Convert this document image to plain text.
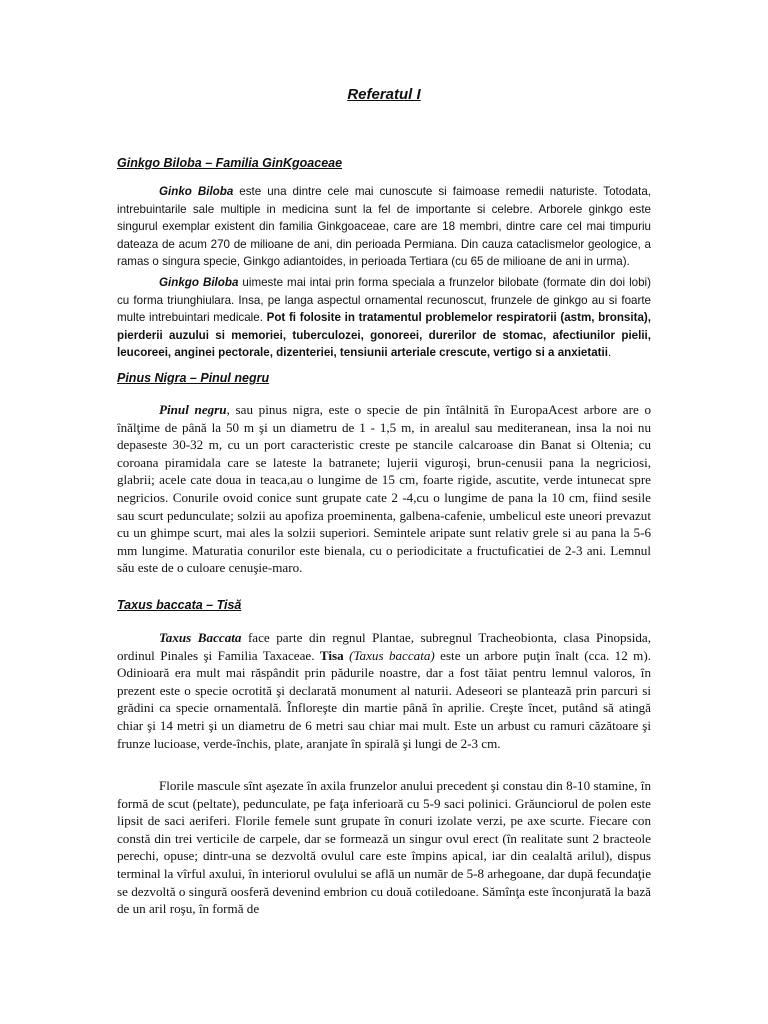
Referatul I
Ginkgo Biloba – Familia GinKgoaceae
Ginko Biloba este una dintre cele mai cunoscute si faimoase remedii naturiste. Totodata, intrebuintarile sale multiple in medicina sunt la fel de importante si celebre. Arborele ginkgo este singurul exemplar existent din familia Ginkgoaceae, care are 18 membri, dintre care cel mai timpuriu dateaza de acum 270 de milioane de ani, din perioada Permiana. Din cauza cataclismelor geologice, a ramas o singura specie, Ginkgo adiantoides, in perioada Tertiara (cu 65 de milioane de ani in urma).
Ginkgo Biloba uimeste mai intai prin forma speciala a frunzelor bilobate (formate din doi lobi) cu forma triunghiulara. Insa, pe langa aspectul ornamental recunoscut, frunzele de ginkgo au si foarte multe intrebuintari medicale. Pot fi folosite in tratamentul problemelor respiratorii (astm, bronsita), pierderii auzului si memoriei, tuberculozei, gonoreei, durerilor de stomac, afectiunilor pielii, leucoreei, anginei pectorale, dizenteriei, tensiunii arteriale crescute, vertigo si a anxietatii.
Pinus Nigra – Pinul negru
Pinul negru, sau pinus nigra, este o specie de pin întâlnită în EuropaAcest arbore are o înălţime de până la 50 m şi un diametru de 1 - 1,5 m, in arealul sau mediteranean, insa la noi nu depaseste 30-32 m, cu un port caracteristic creste pe stancile calcaroase din Banat si Oltenia; cu coroana piramidala care se lateste la batranete; lujerii viguroşi, brun-cenusii pana la negriciosi, glabrii; acele cate doua in teaca,au o lungime de 15 cm, foarte rigide, ascutite, verde intunecat spre negricios. Conurile ovoid conice sunt grupate cate 2 -4,cu o lungime de pana la 10 cm, fiind sesile sau scurt pedunculate; solzii au apofiza proeminenta, galbena-cafenie, umbelicul este uneori prevazut cu un ghimpe scurt, mai ales la solzii superiori. Semintele aripate sunt relativ grele si au pana la 5-6 mm lungime. Maturatia conurilor este bienala, cu o periodicitate a fructuficatiei de 2-3 ani. Lemnul său este de o culoare cenuşie-maro.
Taxus baccata – Tisă
Taxus Baccata face parte din regnul Plantae, subregnul Tracheobionta, clasa Pinopsida, ordinul Pinales şi Familia Taxaceae. Tisa (Taxus baccata) este un arbore puţin înalt (cca. 12 m). Odinioară era mult mai răspândit prin pădurile noastre, dar a fost tăiat pentru lemnul valoros, în prezent este o specie ocrotită şi declarată monument al naturii. Adeseori se plantează prin parcuri si grădini ca specie ornamentală. Înfloreşte din martie până în aprilie. Creşte încet, putând să atingă chiar şi 14 metri şi un diametru de 6 metri sau chiar mai mult. Este un arbust cu ramuri căzătoare şi frunze lucioase, verde-închis, plate, aranjate în spirală şi lungi de 2-3 cm.
Florile mascule sînt aşezate în axila frunzelor anului precedent şi constau din 8-10 stamine, în formă de scut (peltate), pedunculate, pe faţa inferioară cu 5-9 saci polinici. Grăunciorul de polen este lipsit de saci aeriferi. Florile femele sunt grupate în conuri izolate verzi, pe axe scurte. Fiecare con constă din trei verticile de carpele, dar se formează un singur ovul erect (în realitate sunt 2 bracteole perechi, opuse; dintr-una se dezvoltă ovulul care este împins apical, iar din cealaltă arilul), dispus terminal la vîrful axului, în interiorul ovulului se află un număr de 5-8 arhegoane, dar după fecundaţie se dezvoltă o singură oosferă devenind embrion cu două cotiledoane. Sămînţa este înconjurată la bază de un aril roşu, în formă de
